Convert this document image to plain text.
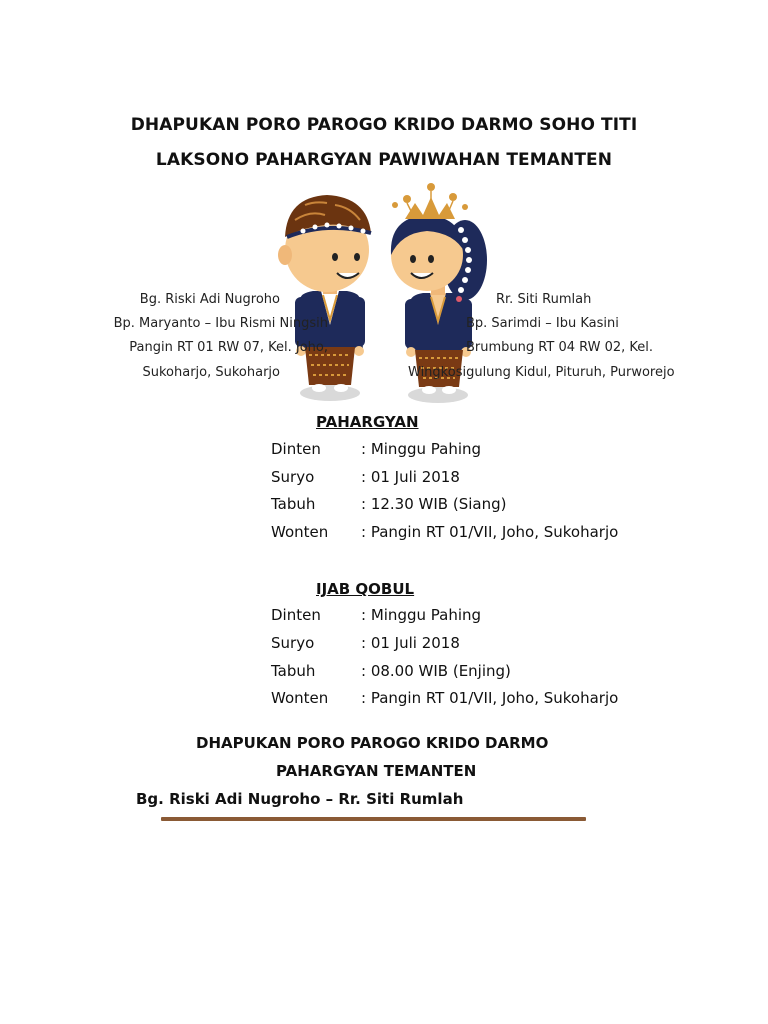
DHAPUKAN PORO PAROGO KRIDO DARMO SOHO TITI
LAKSONO PAHARGYAN PAWIWAHAN TEMANTEN
Bg. Riski Adi Nugroho
Bp. Maryanto – Ibu Rismi Ningsih
Pangin RT 01 RW 07, Kel. Joho,
Sukoharjo, Sukoharjo
Rr. Siti Rumlah
Bp. Sarimdi – Ibu Kasini
Brumbung RT 04 RW 02, Kel.
Wingkosigulung Kidul, Pituruh, Purworejo
PAHARGYAN
Dinten	: Minggu Pahing
Suryo	: 01 Juli 2018
Tabuh	: 12.30 WIB (Siang)
Wonten : Pangin RT 01/VII, Joho, Sukoharjo
IJAB QOBUL
Dinten	: Minggu Pahing
Suryo	: 01 Juli 2018
Tabuh	: 08.00 WIB (Enjing)
Wonten : Pangin RT 01/VII, Joho, Sukoharjo
DHAPUKAN PORO PAROGO KRIDO DARMO
PAHARGYAN TEMANTEN
Bg. Riski Adi Nugroho – Rr. Siti Rumlah
